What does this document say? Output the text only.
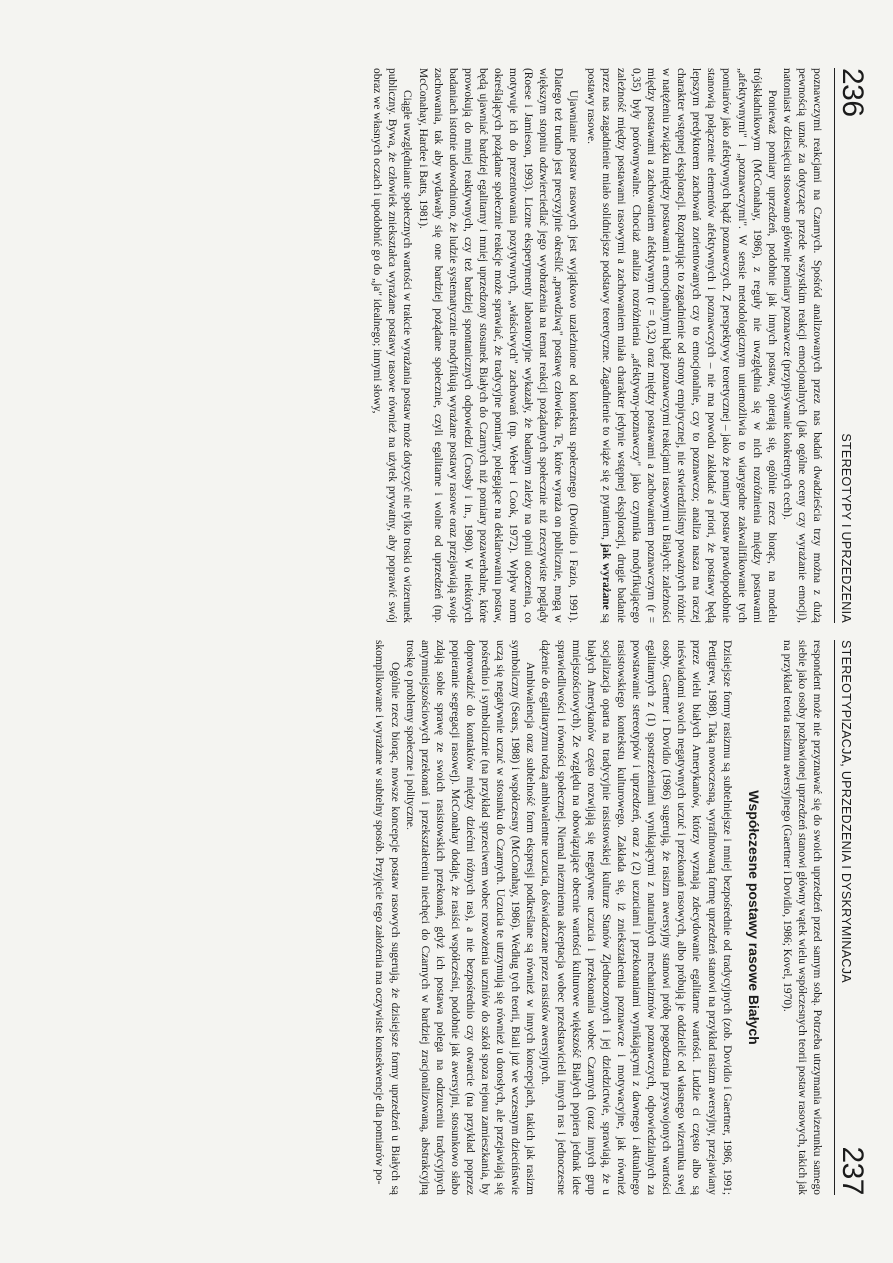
236
STEREOTYPY I UPRZEDZENIA

poznawczymi reakcjami na Czarnych. Spośród analizowanych przez nas badań dwadzieścia trzy można z dużą pewnością uznać za dotyczące przede wszystkim reakcji emocjonalnych (jak ogólne oceny czy wyrażanie emocji), natomiast w dziesięciu stosowano głównie pomiary poznawcze (przypisywanie konkretnych cech).

Ponieważ pomiary uprzedzeń, podobnie jak innych postaw, opierają się, ogólnie rzecz biorąc, na modelu trójskładnikowym (McConahay, 1986), z reguły nie uwzględnia się w nich rozróżnienia między postawami „afektywnymi" i „poznawczymi". W sensie metodologicznym uniemożliwia to wiarygodne zakwalifikowanie tych pomiarów jako afektywnych bądź poznawczych. Z perspektywy teoretycznej – jako że pomiary postaw prawdopodobnie stanowią połączenie elementów afektywnych i poznawczych – nie ma powodu zakładać a priori, że postawy będą lepszym predyktorem zachowań zorientowanych czy to emocjonalnie, czy to poznawczo; analiza nasza ma raczej charakter wstępnej eksploracji. Rozpatrując to zagadnienie od strony empirycznej, nie stwierdziliśmy poważnych różnic w natężeniu związku między postawami a emocjonalnymi bądź poznawczymi reakcjami rasowymi u Białych: zależności między postawami a zachowaniem afektywnym (r = 0,32) oraz między postawami a zachowaniem poznawczym (r = 0,35) były porównywalne. Chociaż analiza rozróżnienia „afektywny-poznawczy" jako czynnika modyfikującego zależność między postawami rasowymi a zachowaniem miała charakter jedynie wstępnej eksploracji, drugie badanie przez nas zagadnienie miało solidniejsze podstawy teoretyczne. Zagadnienie to wiąże się z pytaniem, jak wyrażane są postawy rasowe.

Ujawnianie postaw rasowych jest wyjątkowo uzależnione od kontekstu społecznego (Dovidio i Fazio, 1991). Dlatego też trudno jest precyzyjnie określić „prawdziwą" postawę człowieka. Te, które wyraża on publicznie, mogą w większym stopniu odzwierciedlać jego wyobrażenia na temat reakcji pożądanych społecznie niż rzeczywiste poglądy (Roese i Jamieson, 1993). Liczne eksperymenty laboratoryjne wykazały, że badanym zależy na opinii otoczenia, co motywuje ich do prezentowania pozytywnych, „właściwych" zachowań (np. Weber i Cook, 1972). Wpływ norm określających pożądane społecznie reakcje może sprawiać, że tradycyjne pomiary, polegające na deklarowaniu postaw, będą ujawniać bardziej egalitarny i mniej uprzedzony stosunek Białych do Czarnych niż pomiary pozawerbalne, które prowokują do mniej reaktywnych, czy też bardziej spontanicznych odpowiedzi (Crosby i in., 1980). W niektórych badaniach istotnie udowodniono, że ludzie systematycznie modyfikują wyrażane postawy rasowe oraz przejawiają swoje zachowania, tak aby wydawały się one bardziej pożądane społecznie, czyli egalitarne i wolne od uprzedzeń (np. McConahay, Hardee i Batts, 1981).

Ciągłe uwzględnianie społecznych wartości w trakcie wyrażania postaw może dotyczyć nie tylko troski o wizerunek publiczny. Bywa, że człowiek zniekształca wyrażane postawy rasowe również na użytek prywatny, aby poprawić swój obraz we własnych oczach i upodobnić go do „ja" idealnego; innymi słowy,

STEREOTYPIZACJA, UPRZEDZENIA I DYSKRYMINACJA
237

respondent może nie przyznawać się do swoich uprzedzeń przed samym sobą. Potrzeba utrzymania wizerunku samego siebie jako osoby pozbawionej uprzedzeń stanowi główny wątek wielu współczesnych teorii postaw rasowych, takich jak na przykład teoria rasizmu awersyjnego (Gaertner i Dovidio, 1986; Kovel, 1970).

Współczesne postawy rasowe Białych

Dzisiejsze formy rasizmu są subtelniejsze i mniej bezpośrednie od tradycyjnych (zob. Dovidio i Gaertner, 1986, 1991; Pettigrew, 1988). Taką nowoczesną, wyrafinowaną formę uprzedzeń stanowi na przykład rasizm awersyjny, przejawiany przez wielu białych Amerykanów, którzy wyznają zdecydowanie egalitarne wartości. Ludzie ci często albo są nieświadomi swoich negatywnych uczuć i przekonań rasowych, albo próbują je oddzielić od własnego wizerunku swej osoby. Gaertner i Dovidio (1986) sugerują, że rasizm awersyjny stanowi próbę pogodzenia przyswojonych wartości egalitarnych z (1) spostrzeżeniami wynikającymi z naturalnych mechanizmów poznawczych, odpowiedzialnych za powstawanie stereotypów i uprzedzeń, oraz z (2) uczuciami i przekonaniami wynikającymi z dawnego i aktualnego rasistowskiego kontekstu kulturowego. Zakłada się, iż zniekształcenia poznawcze i motywacyjne, jak również socjalizacja oparta na tradycyjnie rasistowskiej kulturze Stanów Zjednoczonych i jej dziedzictwie, sprawiają, że u białych Amerykanów często rozwijają się negatywne uczucia i przekonania wobec Czarnych (oraz innych grup mniejszościowych). Ze względu na obowiązujące obecnie wartości kulturowe większość Białych popiera jednak idee sprawiedliwości i równości społecznej. Niemal niezmienna akceptacja wobec przedstawicieli innych ras i jednoczesne dążenie do egalitaryzmu rodzą ambiwalentne uczucia, doświadczane przez rasistów awersyjnych.

Ambiwalencja oraz subtelność form ekspresji podkreślane są również w innych koncepcjach, takich jak rasizm symboliczny (Sears, 1988) i współczesny (McConahay, 1986). Według tych teorii, Biali już we wczesnym dzieciństwie uczą się negatywnie uczuć w stosunku do Czarnych. Uczucia te utrzymują się również u dorosłych, ale przejawiają się pośrednio i symbolicznie (na przykład sprzeciwem wobec rozwożenia uczniów do szkół spoza rejonu zamieszkania, by doprowadzić do kontaktów między dziećmi różnych ras), a nie bezpośrednio czy otwarcie (na przykład poprzez popieranie segregacji rasowej). McConahay dodaje, że rasiści współcześni, podobnie jak awersyjni, stosunkowo słabo zdają sobie sprawę ze swoich rasistowskich przekonań, gdyż ich postawa polega na odrzuceniu tradycyjnych antymniejszościowych przekonań i przekształceniu niechęci do Czarnych w bardziej zracjonalizowaną, abstrakcyjną troskę o problemy społeczne i polityczne.

Ogólnie rzecz biorąc, nowsze koncepcje postaw rasowych sugerują, że dzisiejsze formy uprzedzeń u Białych są skomplikowane i wyrażane w subtelny sposób. Przyjęcie tego założenia ma oczywiste konsekwencje dla pomiarów po-
